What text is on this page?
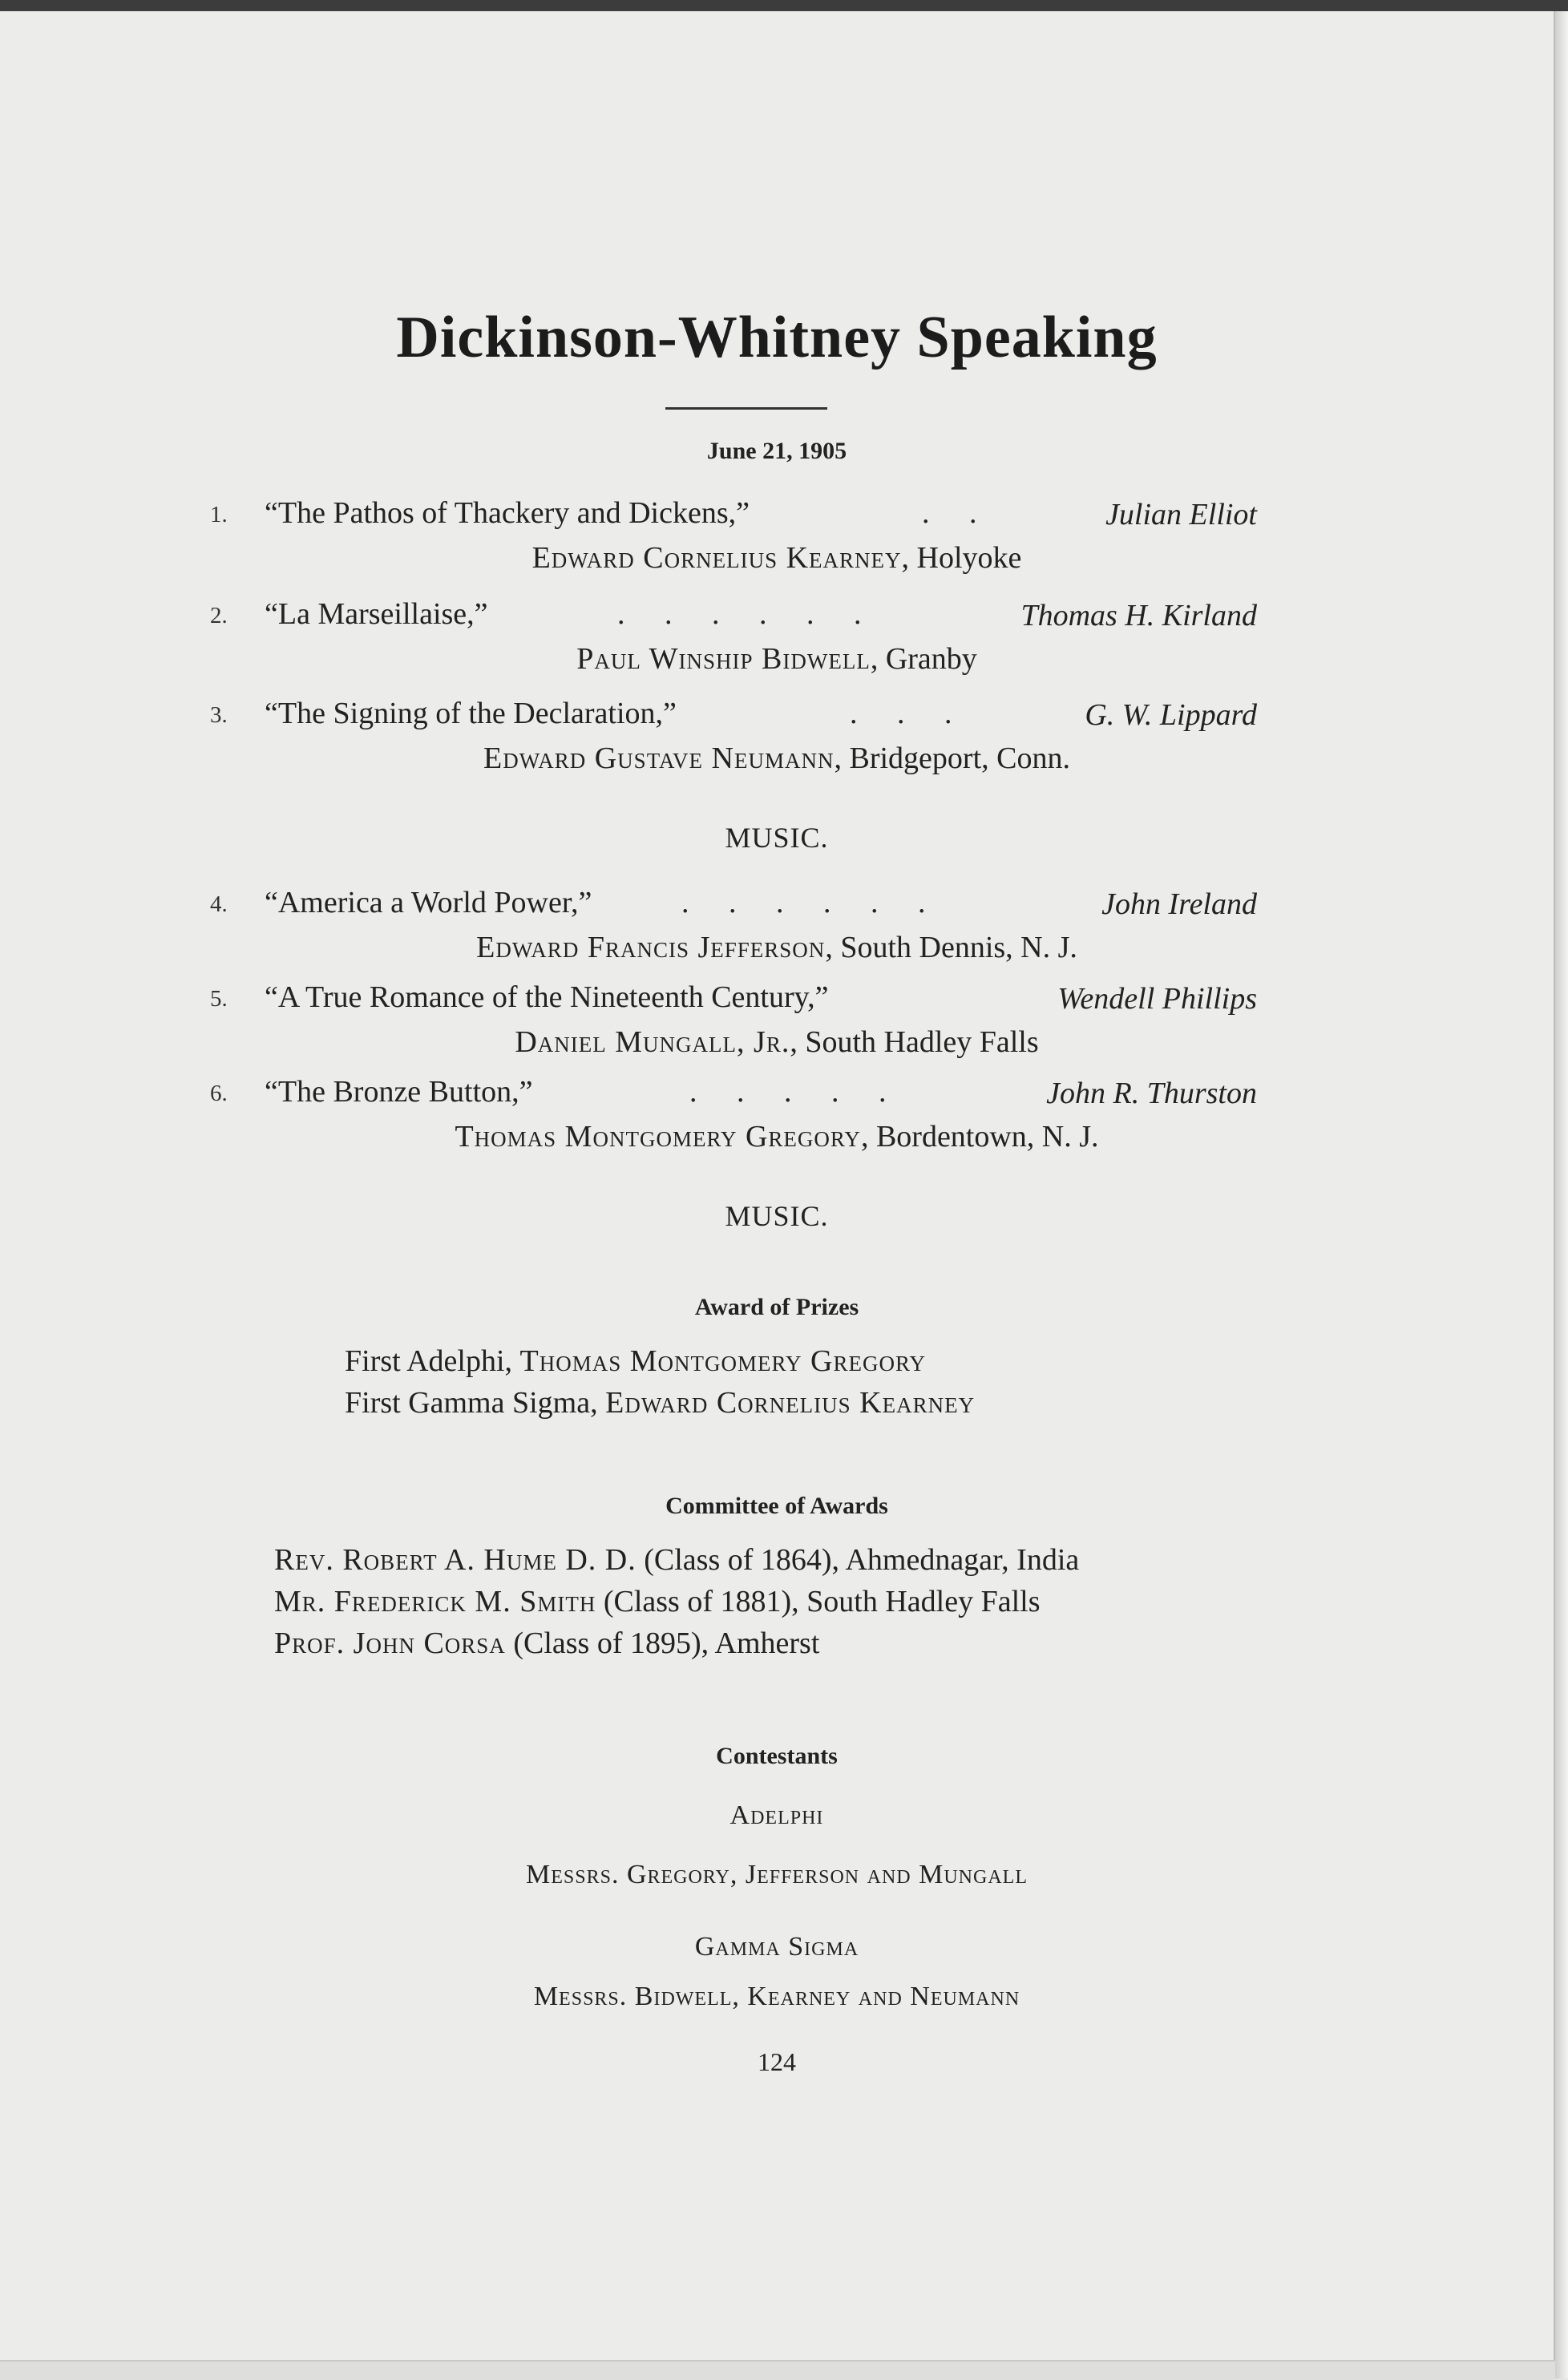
Dickinson-Whitney Speaking
June 21, 1905
1. “The Pathos of Thackery and Dickens,”	. .	Julian Elliot
Edward Cornelius Kearney, Holyoke
2. “La Marseillaise,”	. . . . . .	Thomas H. Kirland
Paul Winship Bidwell, Granby
3. “The Signing of the Declaration,”	. . .	G. W. Lippard
Edward Gustave Neumann, Bridgeport, Conn.
MUSIC.
4. “America a World Power,”	. . . . . .	John Ireland
Edward Francis Jefferson, South Dennis, N. J.
5. “A True Romance of the Nineteenth Century,”	Wendell Phillips
Daniel Mungall, Jr., South Hadley Falls
6. “The Bronze Button,”	. . . . .	John R. Thurston
Thomas Montgomery Gregory, Bordentown, N. J.
MUSIC.
Award of Prizes
First Adelphi, Thomas Montgomery Gregory
First Gamma Sigma, Edward Cornelius Kearney
Committee of Awards
Rev. Robert A. Hume D. D. (Class of 1864), Ahmednagar, India
Mr. Frederick M. Smith (Class of 1881), South Hadley Falls
Prof. John Corsa (Class of 1895), Amherst
Contestants
Adelphi
Messrs. Gregory, Jefferson and Mungall
Gamma Sigma
Messrs. Bidwell, Kearney and Neumann
124
